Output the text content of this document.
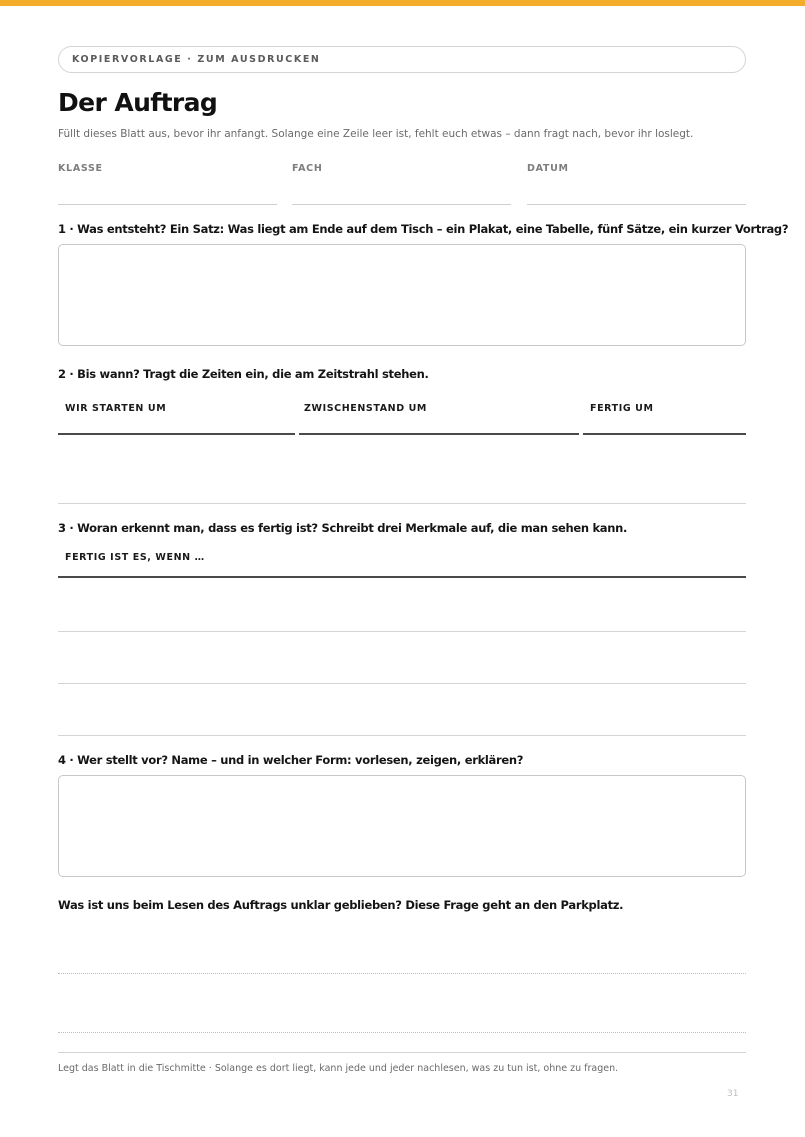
KOPIERVORLAGE · ZUM AUSDRUCKEN
Der Auftrag

Füllt dieses Blatt aus, bevor ihr anfangt. Solange eine Zeile leer ist, fehlt euch etwas – dann fragt nach, bevor ihr loslegt.

KLASSE	FACH	DATUM
1 · Was entsteht? Ein Satz: Was liegt am Ende auf dem Tisch – ein Plakat, eine Tabelle, fünf Sätze, ein kurzer Vortrag?
2 · Bis wann? Tragt die Zeiten ein, die am Zeitstrahl stehen.
WIR STARTEN UM	ZWISCHENSTAND UM	FERTIG UM
3 · Woran erkennt man, dass es fertig ist? Schreibt drei Merkmale auf, die man sehen kann.
FERTIG IST ES, WENN …
4 · Wer stellt vor? Name – und in welcher Form: vorlesen, zeigen, erklären?
Was ist uns beim Lesen des Auftrags unklar geblieben? Diese Frage geht an den Parkplatz.
Legt das Blatt in die Tischmitte · Solange es dort liegt, kann jede und jeder nachlesen, was zu tun ist, ohne zu fragen.
31
